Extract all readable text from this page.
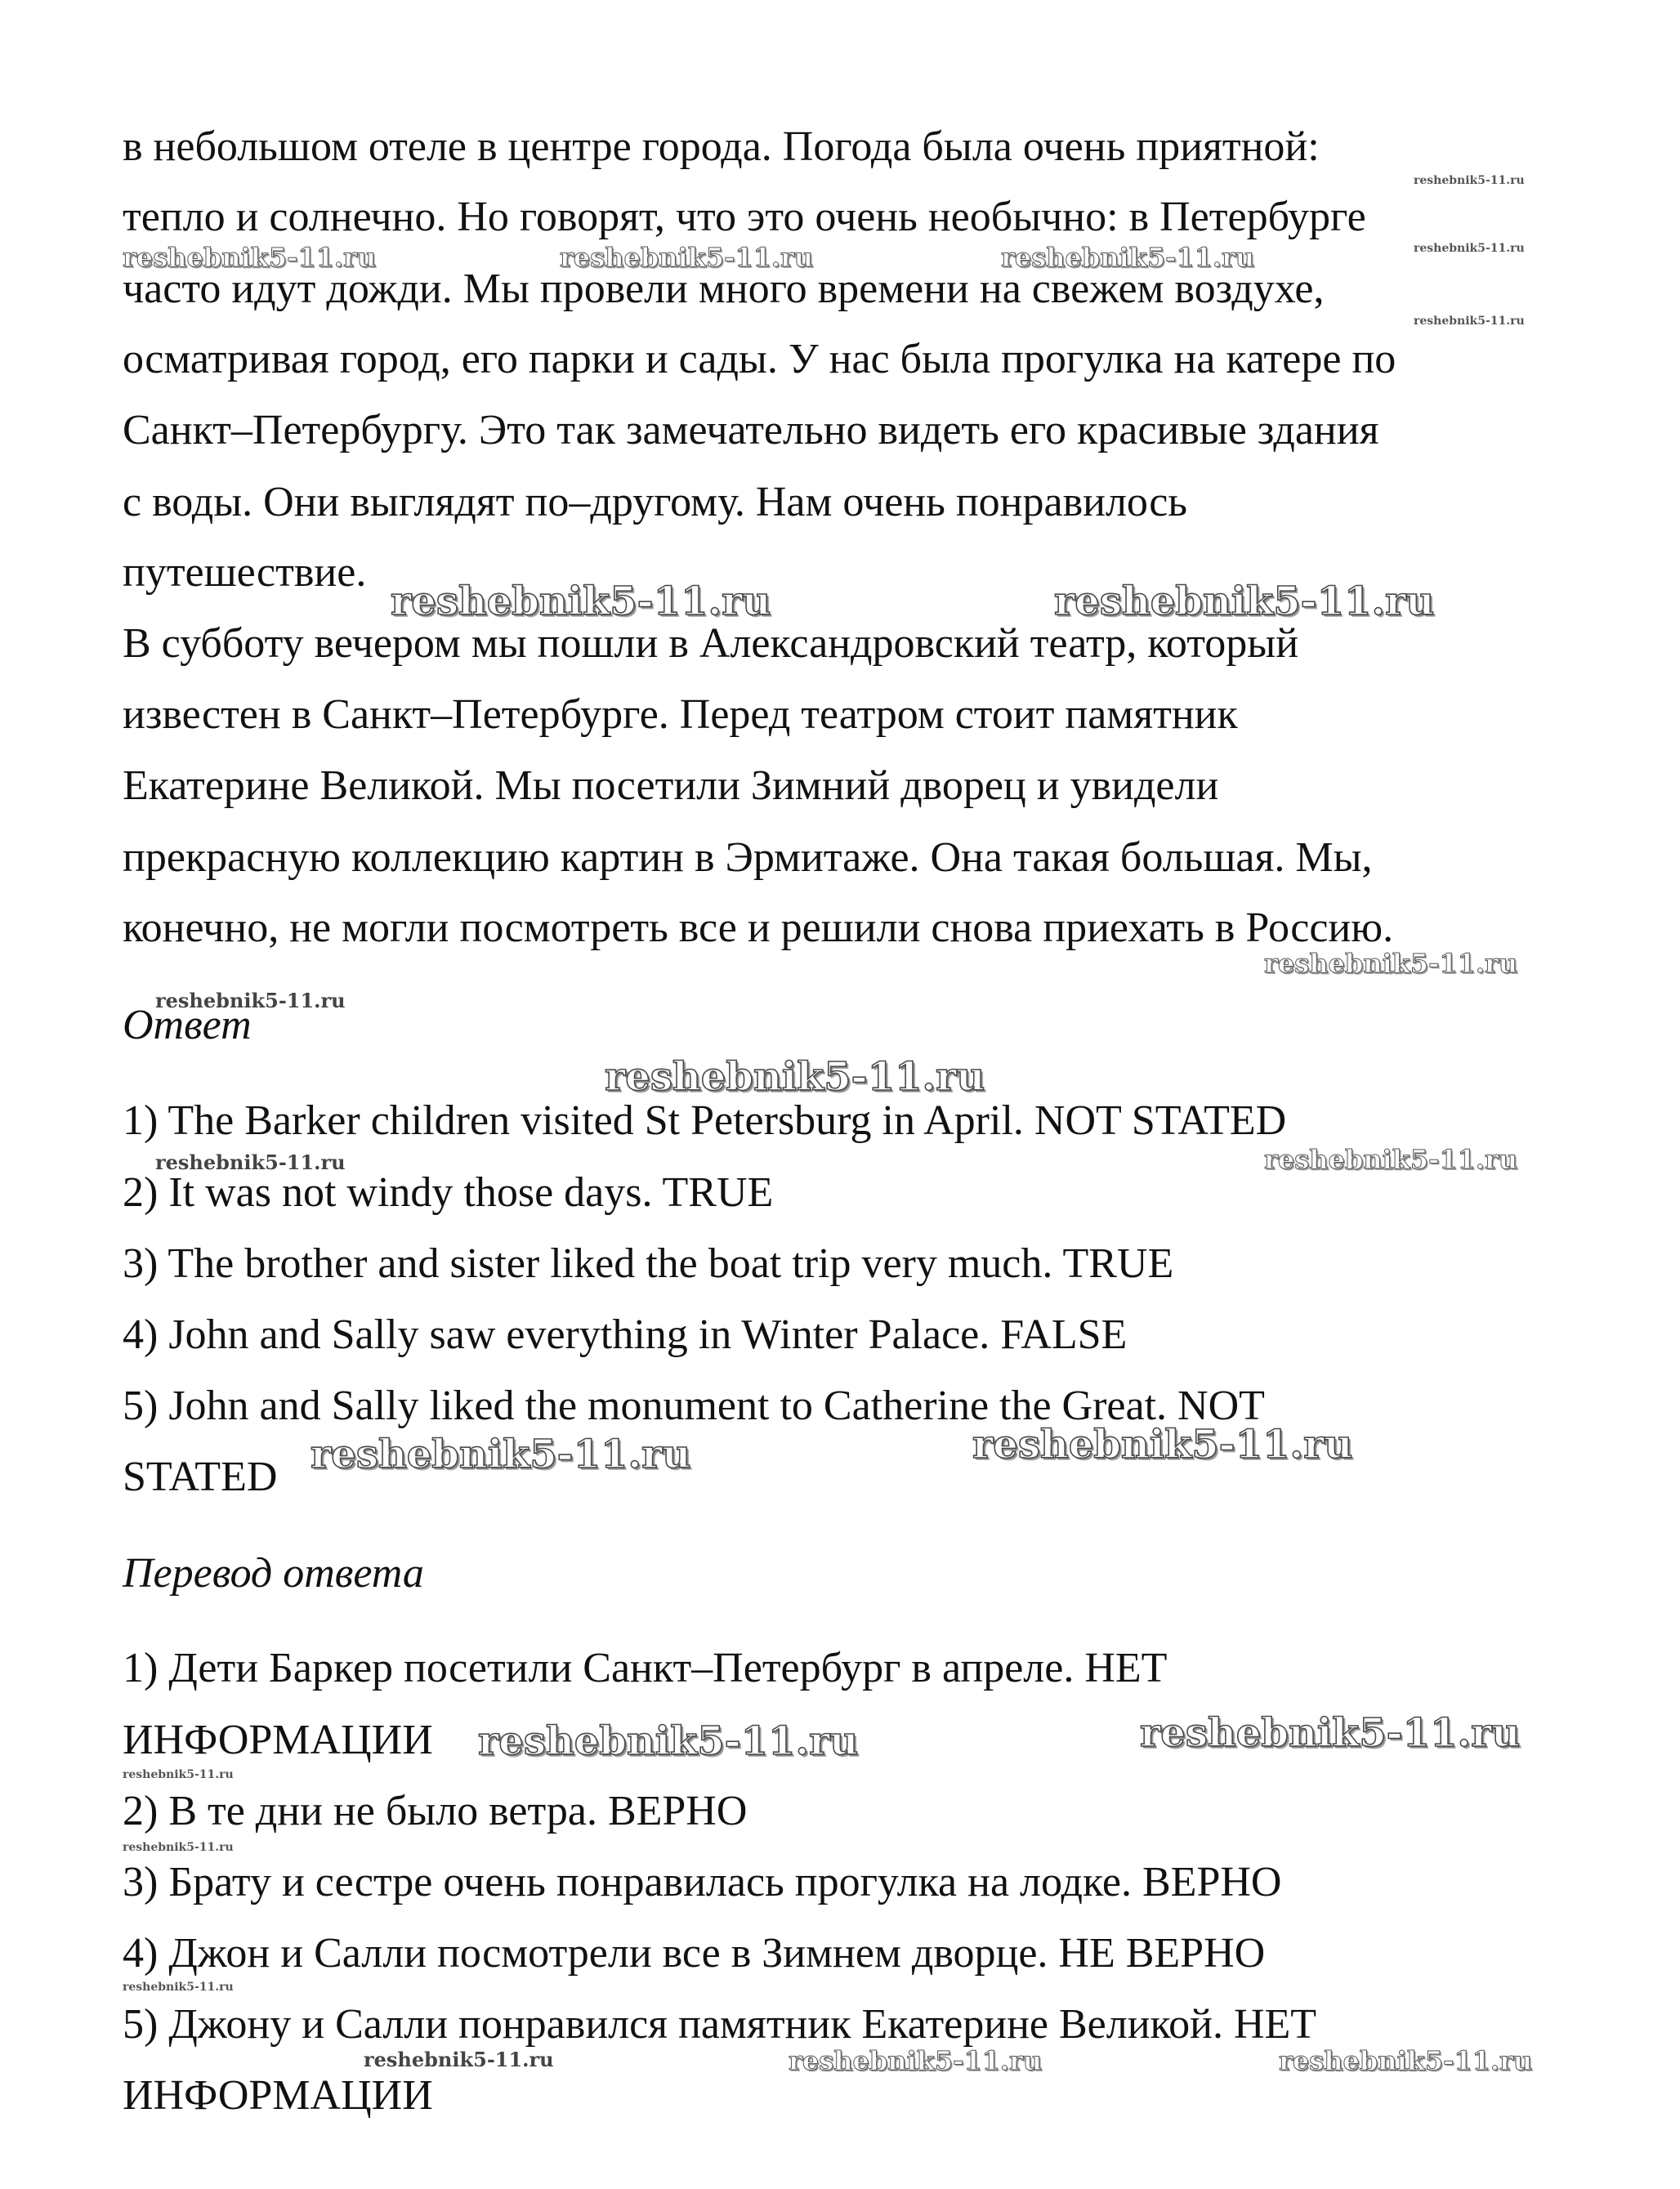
в небольшом отеле в центре города. Погода была очень приятной:
тепло и солнечно. Но говорят, что это очень необычно: в Петербурге
часто идут дожди. Мы провели много времени на свежем воздухе,
осматривая город, его парки и сады. У нас была прогулка на катере по
Санкт–Петербургу. Это так замечательно видеть его красивые здания
с воды. Они выглядят по–другому. Нам очень понравилось
путешествие.
В субботу вечером мы пошли в Александровский театр, который
известен в Санкт–Петербурге. Перед театром стоит памятник
Екатерине Великой. Мы посетили Зимний дворец и увидели
прекрасную коллекцию картин в Эрмитаже. Она такая большая. Мы,
конечно, не могли посмотреть все и решили снова приехать в Россию.
Ответ
1) The Barker children visited St Petersburg in April. NOT STATED
2) It was not windy those days. TRUE
3) The brother and sister liked the boat trip very much. TRUE
4) John and Sally saw everything in Winter Palace. FALSE
5) John and Sally liked the monument to Catherine the Great. NOT
STATED
Перевод ответа
1) Дети Баркер посетили Санкт–Петербург в апреле. НЕТ
ИНФОРМАЦИИ
2) В те дни не было ветра. ВЕРНО
3) Брату и сестре очень понравилась прогулка на лодке. ВЕРНО
4) Джон и Салли посмотрели все в Зимнем дворце. НЕ ВЕРНО
5) Джону и Салли понравился памятник Екатерине Великой. НЕТ
ИНФОРМАЦИИ
reshebnik5-11.ru
reshebnik5-11.ru	reshebnik5-11.ru	reshebnik5-11.ru	reshebnik5-11.ru
reshebnik5-11.ru
reshebnik5-11.ru	reshebnik5-11.ru
reshebnik5-11.ru
reshebnik5-11.ru
reshebnik5-11.ru
reshebnik5-11.ru	reshebnik5-11.ru
reshebnik5-11.ru	reshebnik5-11.ru
reshebnik5-11.ru	reshebnik5-11.ru
reshebnik5-11.ru
reshebnik5-11.ru
reshebnik5-11.ru
reshebnik5-11.ru	reshebnik5-11.ru	reshebnik5-11.ru
